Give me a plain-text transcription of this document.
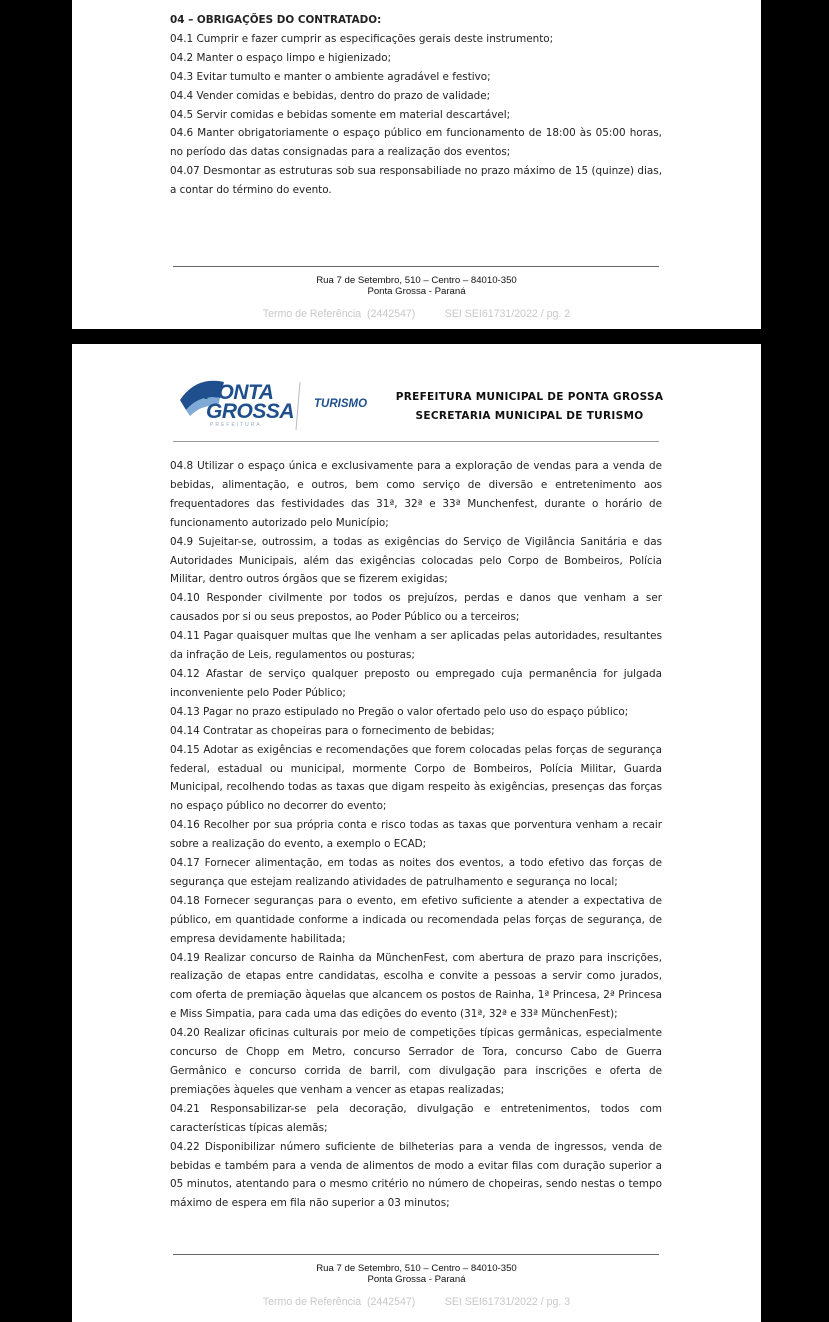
04 – OBRIGAÇÕES DO CONTRATADO:

04.1 Cumprir e fazer cumprir as especificações gerais deste instrumento;

04.2 Manter o espaço limpo e higienizado;

04.3 Evitar tumulto e manter o ambiente agradável e festivo;

04.4 Vender comidas e bebidas, dentro do prazo de validade;

04.5 Servir comidas e bebidas somente em material descartável;

04.6 Manter obrigatoriamente o espaço público em funcionamento de 18:00 às 05:00 horas, no período das datas consignadas para a realização dos eventos;

04.07 Desmontar as estruturas sob sua responsabiliade no prazo máximo de 15 (quinze) dias, a contar do término do evento.

Rua 7 de Setembro, 510 – Centro – 84010-350
Ponta Grossa - Paraná
Termo de Referência  (2442547)          SEI SEI61731/2022 / pg. 2
PONTA
GROSSA
PREFEITURA
TURISMO
PREFEITURA MUNICIPAL DE PONTA GROSSA
SECRETARIA MUNICIPAL DE TURISMO

04.8 Utilizar o espaço única e exclusivamente para a exploração de vendas para a venda de bebidas, alimentação, e outros, bem como serviço de diversão e entretenimento aos frequentadores das festividades das 31ª, 32ª e 33ª Munchenfest, durante o horário de funcionamento autorizado pelo Município;

04.9 Sujeitar-se, outrossim, a todas as exigências do Serviço de Vigilância Sanitária e das Autoridades Municipais, além das exigências colocadas pelo Corpo de Bombeiros, Polícia Militar, dentro outros órgãos que se fizerem exigidas;

04.10 Responder civilmente por todos os prejuízos, perdas e danos que venham a ser causados por si ou seus prepostos, ao Poder Público ou a terceiros;

04.11 Pagar quaisquer multas que lhe venham a ser aplicadas pelas autoridades, resultantes da infração de Leis, regulamentos ou posturas;

04.12 Afastar de serviço qualquer preposto ou empregado cuja permanência for julgada inconveniente pelo Poder Público;

04.13 Pagar no prazo estipulado no Pregão o valor ofertado pelo uso do espaço público;

04.14 Contratar as chopeiras para o fornecimento de bebidas;

04.15 Adotar as exigências e recomendações que forem colocadas pelas forças de segurança federal, estadual ou municipal, mormente Corpo de Bombeiros, Polícia Militar, Guarda Municipal, recolhendo todas as taxas que digam respeito às exigências, presenças das forças no espaço público no decorrer do evento;

04.16 Recolher por sua própria conta e risco todas as taxas que porventura venham a recair sobre a realização do evento, a exemplo o ECAD;

04.17 Fornecer alimentação, em todas as noites dos eventos, a todo efetivo das forças de segurança que estejam realizando atividades de patrulhamento e segurança no local;

04.18 Fornecer seguranças para o evento, em efetivo suficiente a atender a expectativa de público, em quantidade conforme a indicada ou recomendada pelas forças de segurança, de empresa devidamente habilitada;

04.19 Realizar concurso de Rainha da MünchenFest, com abertura de prazo para inscrições, realização de etapas entre candidatas, escolha e convite a pessoas a servir como jurados, com oferta de premiação àquelas que alcancem os postos de Rainha, 1ª Princesa, 2ª Princesa e Miss Simpatia, para cada uma das edições do evento (31ª, 32ª e 33ª MünchenFest);

04.20 Realizar oficinas culturais por meio de competições típicas germânicas, especialmente concurso de Chopp em Metro, concurso Serrador de Tora, concurso Cabo de Guerra Germânico e concurso corrida de barril, com divulgação para inscrições e oferta de premiações àqueles que venham a vencer as etapas realizadas;

04.21 Responsabilizar-se pela decoração, divulgação e entretenimentos, todos com características típicas alemãs;

04.22 Disponibilizar número suficiente de bilheterias para a venda de ingressos, venda de bebidas e também para a venda de alimentos de modo a evitar filas com duração superior a 05 minutos, atentando para o mesmo critério no número de chopeiras, sendo nestas o tempo máximo de espera em fila não superior a 03 minutos;

Rua 7 de Setembro, 510 – Centro – 84010-350
Ponta Grossa - Paraná
Termo de Referência  (2442547)          SEI SEI61731/2022 / pg. 3
